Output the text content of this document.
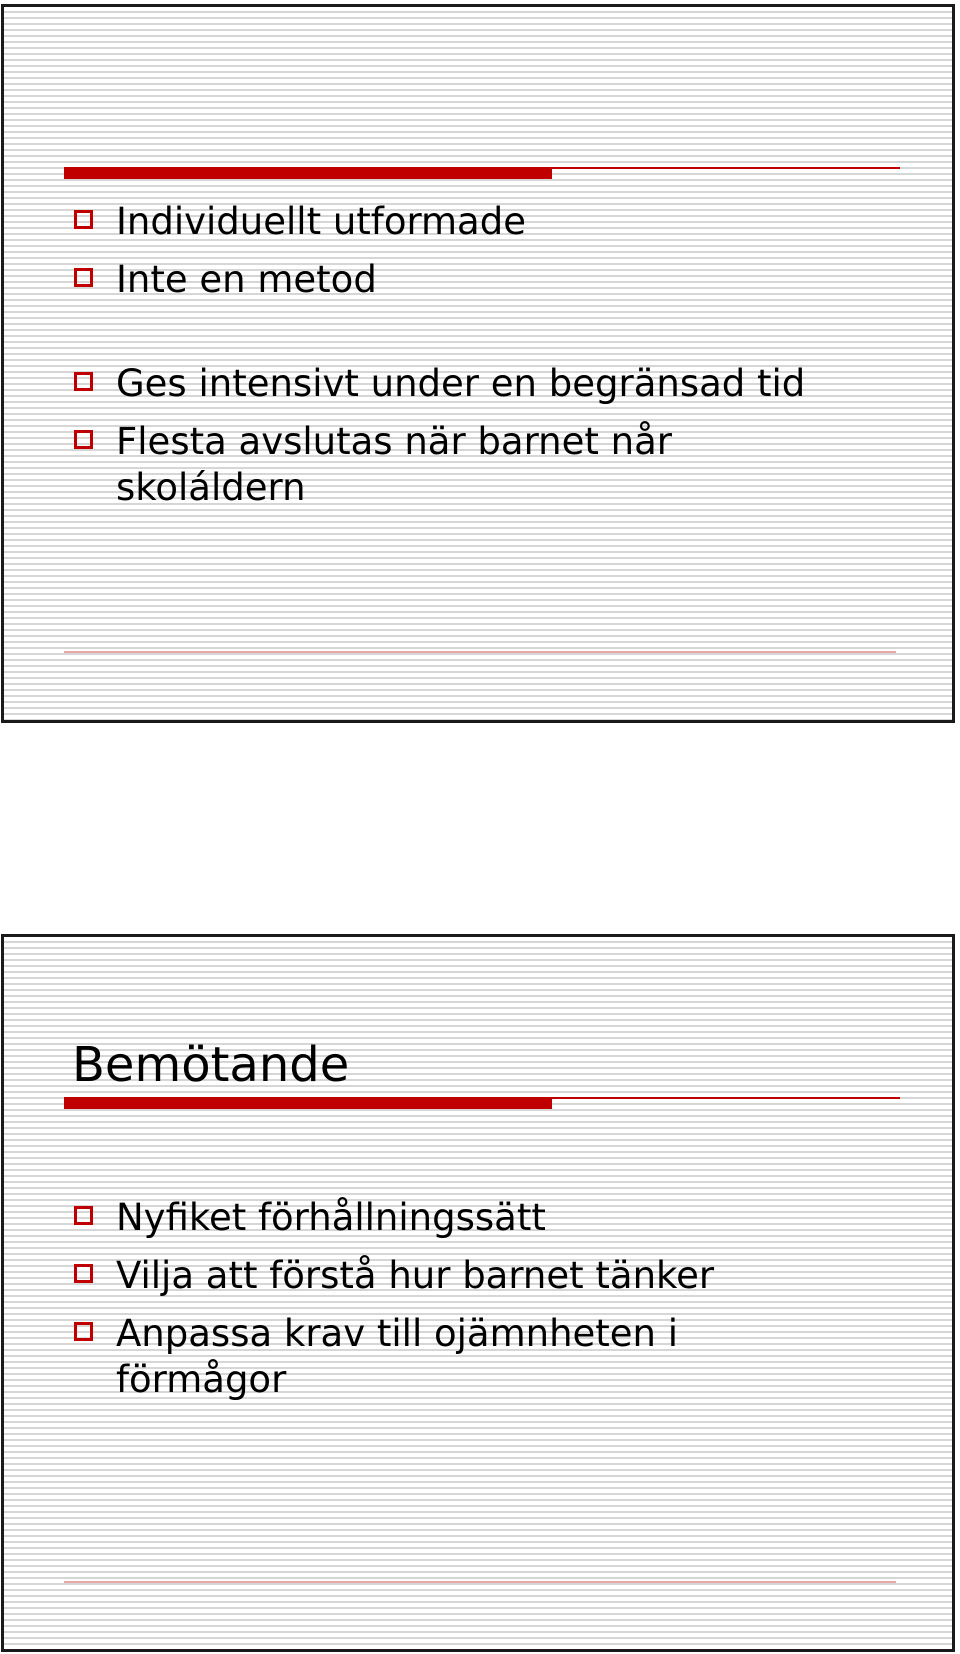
Individuellt utformade
Inte en metod
Ges intensivt under en begränsad tid
Flesta avslutas när barnet når skoláldern
Bemötande
Nyfiket förhållningssätt
Vilja att förstå hur barnet tänker
Anpassa krav till ojämnheten i förmågor
